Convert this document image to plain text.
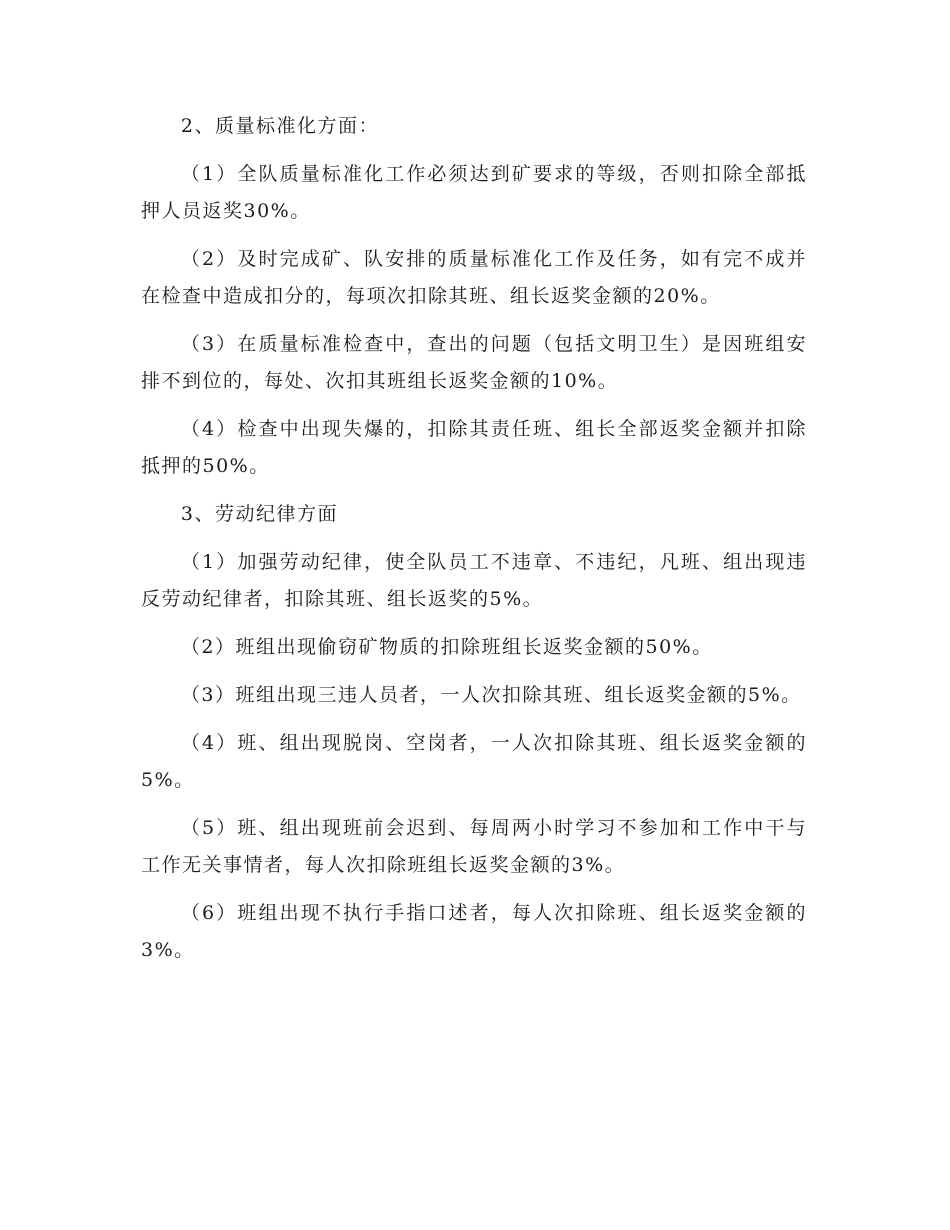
2、质量标准化方面：

（1）全队质量标准化工作必须达到矿要求的等级，否则扣除全部抵押人员返奖30%。

（2）及时完成矿、队安排的质量标准化工作及任务，如有完不成并在检查中造成扣分的，每项次扣除其班、组长返奖金额的20%。

（3）在质量标准检查中，查出的问题（包括文明卫生）是因班组安排不到位的，每处、次扣其班组长返奖金额的10%。

（4）检查中出现失爆的，扣除其责任班、组长全部返奖金额并扣除抵押的50%。

3、劳动纪律方面

（1）加强劳动纪律，使全队员工不违章、不违纪，凡班、组出现违反劳动纪律者，扣除其班、组长返奖的5%。

（2）班组出现偷窃矿物质的扣除班组长返奖金额的50%。

（3）班组出现三违人员者，一人次扣除其班、组长返奖金额的5%。

（4）班、组出现脱岗、空岗者，一人次扣除其班、组长返奖金额的5%。

（5）班、组出现班前会迟到、每周两小时学习不参加和工作中干与工作无关事情者，每人次扣除班组长返奖金额的3%。

（6）班组出现不执行手指口述者，每人次扣除班、组长返奖金额的3%。
